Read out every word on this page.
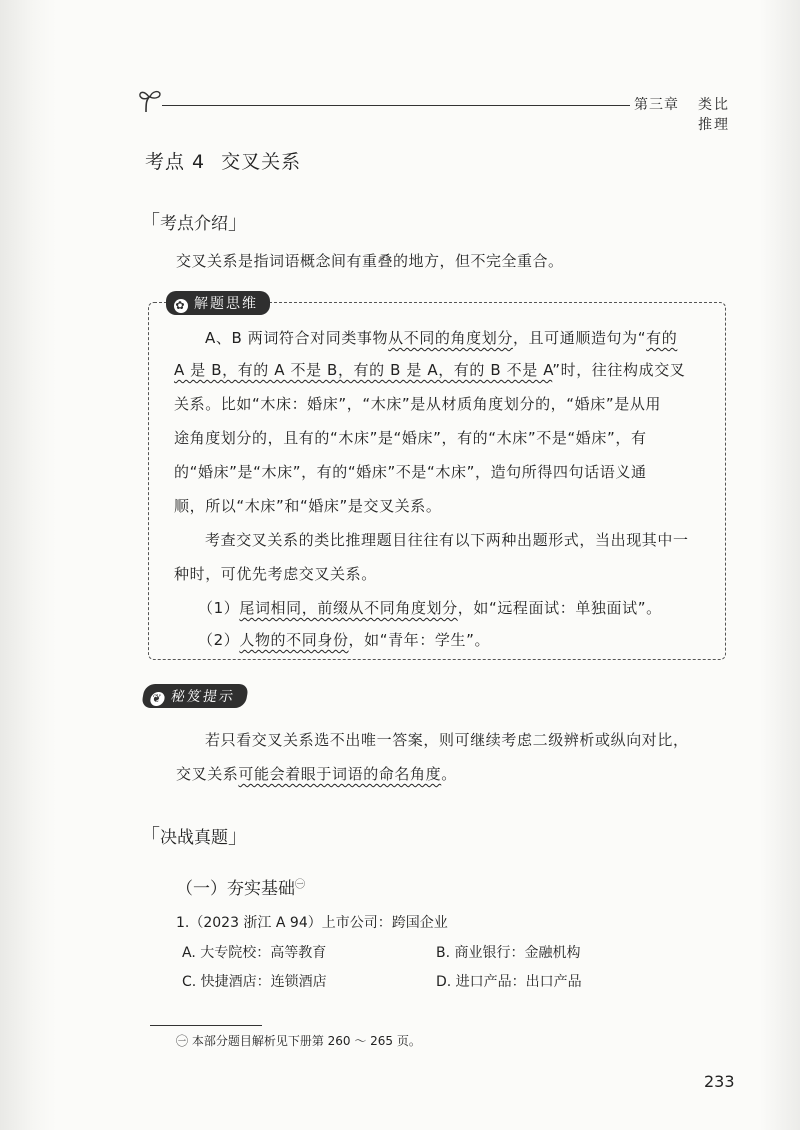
第三章 类比推理
考点 4 交叉关系
「考点介绍」
交叉关系是指词语概念间有重叠的地方，但不完全重合。
✿ 解题思维
A、B 两词符合对同类事物从不同的角度划分，且可通顺造句为“有的
A 是 B，有的 A 不是 B，有的 B 是 A，有的 B 不是 A”时，往往构成交叉
关系。比如“木床：婚床”，“木床”是从材质角度划分的，“婚床”是从用
途角度划分的，且有的“木床”是“婚床”，有的“木床”不是“婚床”，有
的“婚床”是“木床”，有的“婚床”不是“木床”，造句所得四句话语义通
顺，所以“木床”和“婚床”是交叉关系。
考查交叉关系的类比推理题目往往有以下两种出题形式，当出现其中一
种时，可优先考虑交叉关系。
（1）尾词相同，前缀从不同角度划分，如“远程面试：单独面试”。
（2）人物的不同身份，如“青年：学生”。
❦ 秘笈提示
若只看交叉关系选不出唯一答案，则可继续考虑二级辨析或纵向对比，
交叉关系可能会着眼于词语的命名角度。
「决战真题」
（一）夯实基础$^㊀$
1.（2023 浙江 A 94）上市公司：跨国企业
A. 大专院校：高等教育	B. 商业银行：金融机构
C. 快捷酒店：连锁酒店	D. 进口产品：出口产品
㊀ 本部分题目解析见下册第 260 ～ 265 页。
233
